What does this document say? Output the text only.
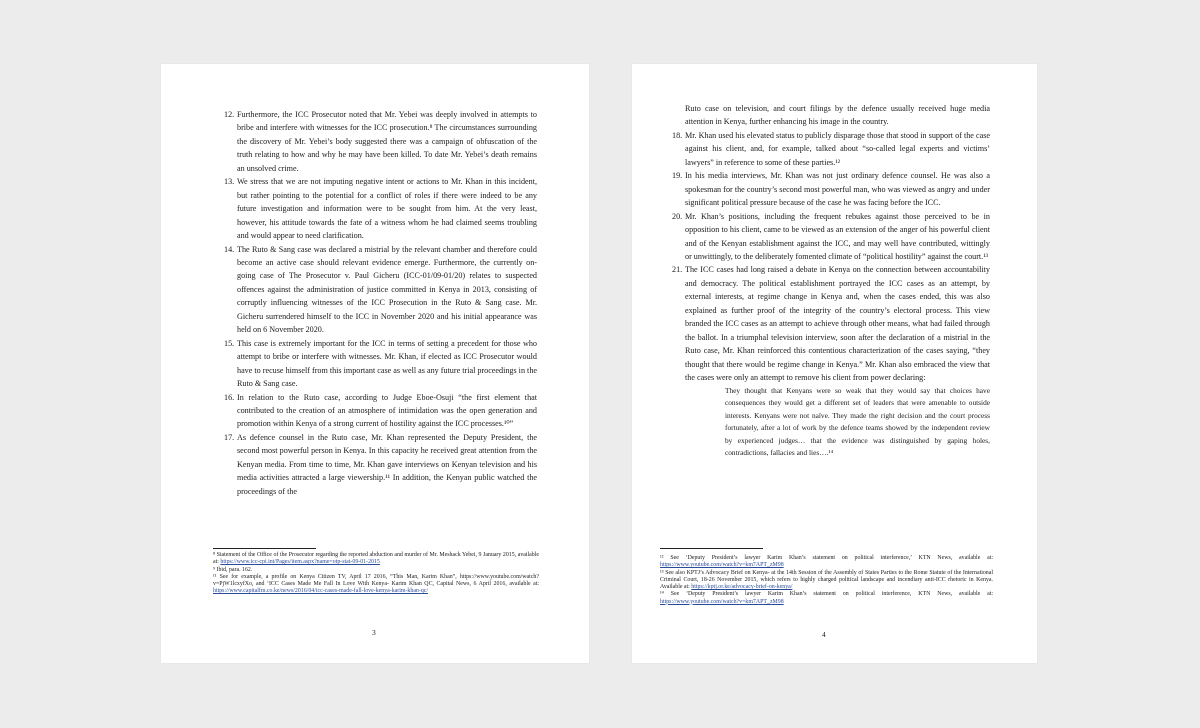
12. Furthermore, the ICC Prosecutor noted that Mr. Yebei was deeply involved in attempts to bribe and interfere with witnesses for the ICC prosecution.⁸ The circumstances surrounding the discovery of Mr. Yebei’s body suggested there was a campaign of obfuscation of the truth relating to how and why he may have been killed. To date Mr. Yebei’s death remains an unsolved crime.

13. We stress that we are not imputing negative intent or actions to Mr. Khan in this incident, but rather pointing to the potential for a conflict of roles if there were indeed to be any future investigation and information were to be sought from him. At the very least, however, his attitude towards the fate of a witness whom he had claimed seems troubling and would appear to need clarification.

14. The Ruto & Sang case was declared a mistrial by the relevant chamber and therefore could become an active case should relevant evidence emerge. Furthermore, the currently on-going case of The Prosecutor v. Paul Gicheru (ICC-01/09-01/20) relates to suspected offences against the administration of justice committed in Kenya in 2013, consisting of corruptly influencing witnesses of the ICC Prosecution in the Ruto & Sang case. Mr. Gicheru surrendered himself to the ICC in November 2020 and his initial appearance was held on 6 November 2020.

15. This case is extremely important for the ICC in terms of setting a precedent for those who attempt to bribe or interfere with witnesses. Mr. Khan, if elected as ICC Prosecutor would have to recuse himself from this important case as well as any future trial proceedings in the Ruto & Sang case.

16. In relation to the Ruto case, according to Judge Eboe-Osuji “the first element that contributed to the creation of an atmosphere of intimidation was the open generation and promotion within Kenya of a strong current of hostility against the ICC processes.¹⁰”

17. As defence counsel in the Ruto case, Mr. Khan represented the Deputy President, the second most powerful person in Kenya. In this capacity he received great attention from the Kenyan media. From time to time, Mr. Khan gave interviews on Kenyan television and his media activities attracted a large viewership.¹¹ In addition, the Kenyan public watched the proceedings of the

⁸ Statement of the Office of the Prosecutor regarding the reported abduction and murder of Mr. Meshack Yebei, 9 January 2015, available at: https://www.icc-cpi.int/Pages/item.aspx?name=otp-stat-09-01-2015

⁹ Ibid, para. 162.

¹¹ See for example, a profile on Kenya Citizen TV, April 17 2016, “This Man, Karim Khan”, https://www.youtube.com/watch?v=PjW1lcxyfXo, and ‘ICC Cases Made Me Fall In Love With Kenya- Karim Khan QC, Capital News, 6 April 2016, available at: https://www.capitalfm.co.ke/news/2016/04/icc-cases-made-fall-love-kenya-karim-khan-qc/

3

Ruto case on television, and court filings by the defence usually received huge media attention in Kenya, further enhancing his image in the country.

18. Mr. Khan used his elevated status to publicly disparage those that stood in support of the case against his client, and, for example, talked about “so-called legal experts and victims’ lawyers” in reference to some of these parties.¹²

19. In his media interviews, Mr. Khan was not just ordinary defence counsel. He was also a spokesman for the country’s second most powerful man, who was viewed as angry and under significant political pressure because of the case he was facing before the ICC.

20. Mr. Khan’s positions, including the frequent rebukes against those perceived to be in opposition to his client, came to be viewed as an extension of the anger of his powerful client and of the Kenyan establishment against the ICC, and may well have contributed, wittingly or unwittingly, to the deliberately fomented climate of “political hostility” against the court.¹³

21. The ICC cases had long raised a debate in Kenya on the connection between accountability and democracy. The political establishment portrayed the ICC cases as an attempt, by external interests, at regime change in Kenya and, when the cases ended, this was also explained as further proof of the integrity of the country’s electoral process. This view branded the ICC cases as an attempt to achieve through other means, what had failed through the ballot. In a triumphal television interview, soon after the declaration of a mistrial in the Ruto case, Mr. Khan reinforced this contentious characterization of the cases saying, “they thought that there would be regime change in Kenya.” Mr. Khan also embraced the view that the cases were only an attempt to remove his client from power declaring:

They thought that Kenyans were so weak that they would say that choices have consequences they would get a different set of leaders that were amenable to outside interests. Kenyans were not naïve. They made the right decision and the court process fortunately, after a lot of work by the defence teams showed by the independent review by experienced judges… that the evidence was distinguished by gaping holes, contradictions, fallacies and lies….¹⁴

¹² See ‘Deputy President’s lawyer Karim Khan’s statement on political interference,’ KTN News, available at: https://www.youtube.com/watch?v=km7APT_zM98

¹³ See also KPTJ’s Advocacy Brief on Kenya- at the 14th Session of the Assembly of States Parties to the Rome Statute of the International Criminal Court, 18-26 November 2015, which refers to highly charged political landscape and incendiary anti-ICC rhetoric in Kenya. Available at: https://kptj.or.ke/advocacy-brief-on-kenya/

¹⁴ See ‘Deputy President’s lawyer Karim Khan’s statement on political interference, KTN News, available at: https://www.youtube.com/watch?v=km7APT_zM98

4
